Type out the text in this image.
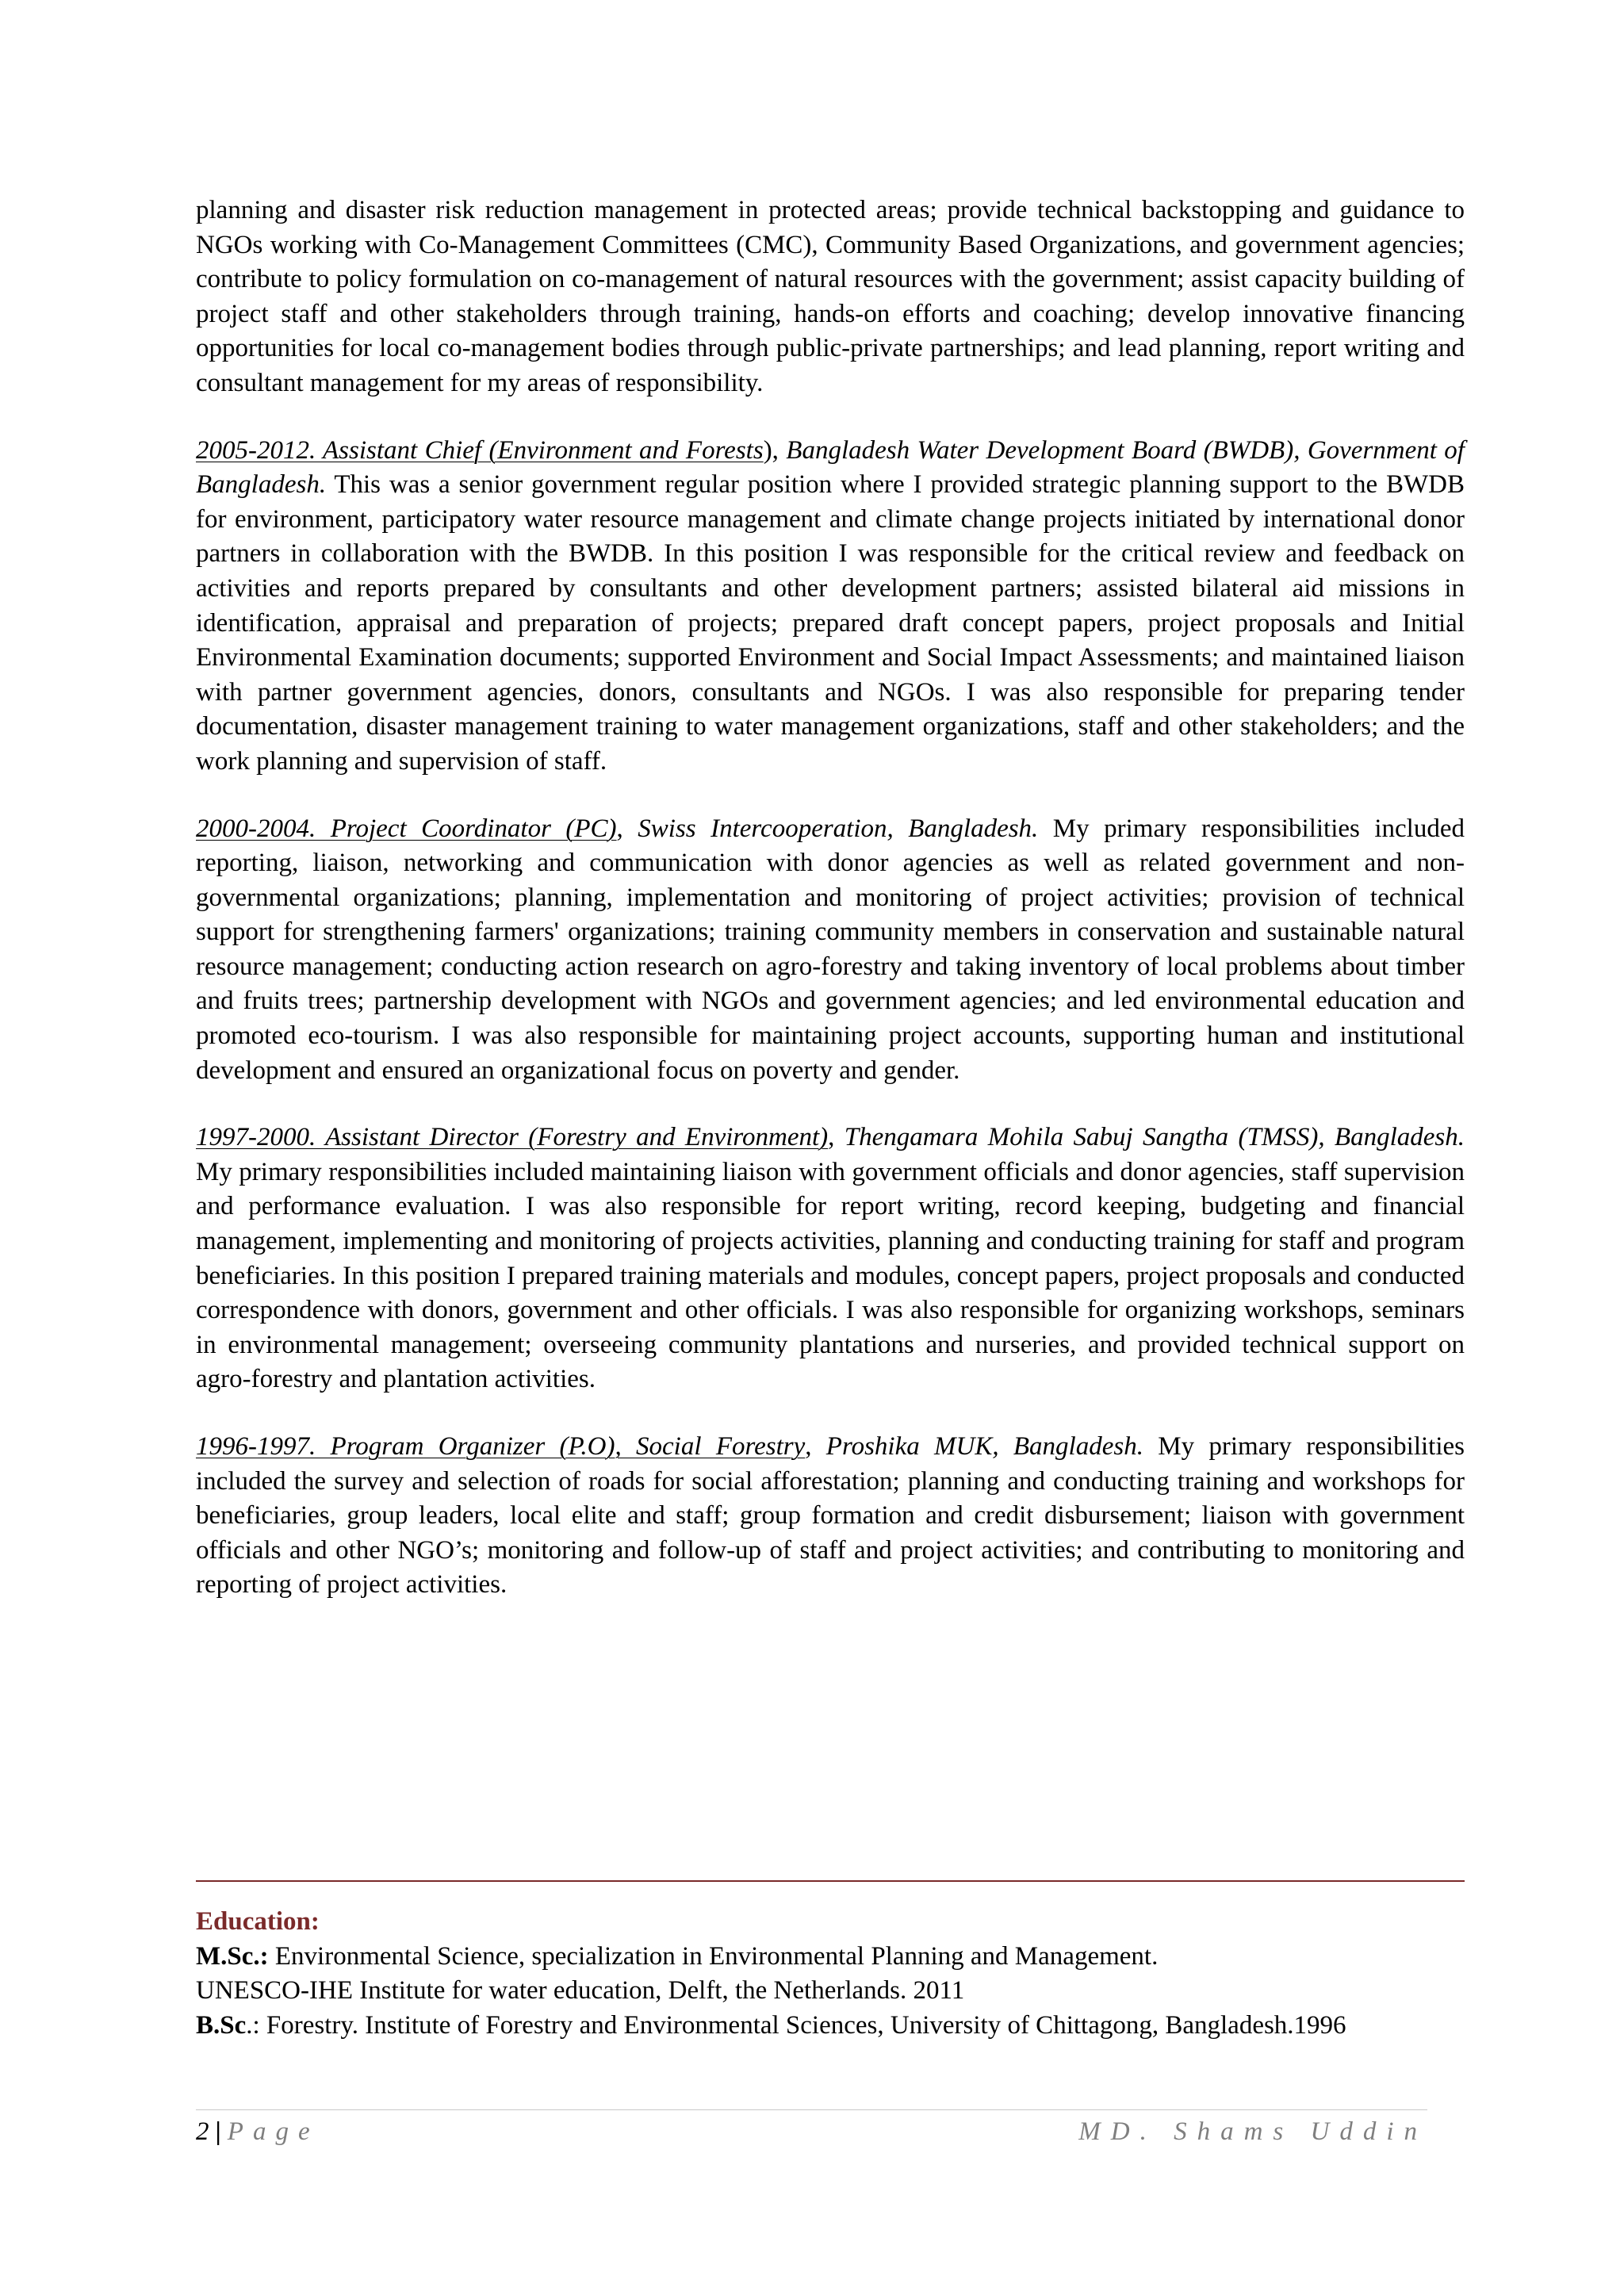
planning and disaster risk reduction management in protected areas; provide technical backstopping and guidance to NGOs working with Co-Management Committees (CMC), Community Based Organizations, and government agencies; contribute to policy formulation on co-management of natural resources with the government; assist capacity building of project staff and other stakeholders through training, hands-on efforts and coaching; develop innovative financing opportunities for local co-management bodies through public-private partnerships; and lead planning, report writing and consultant management for my areas of responsibility.

2005-2012. Assistant Chief (Environment and Forests), Bangladesh Water Development Board (BWDB), Government of Bangladesh. This was a senior government regular position where I provided strategic planning support to the BWDB for environment, participatory water resource management and climate change projects initiated by international donor partners in collaboration with the BWDB. In this position I was responsible for the critical review and feedback on activities and reports prepared by consultants and other development partners; assisted bilateral aid missions in identification, appraisal and preparation of projects; prepared draft concept papers, project proposals and Initial Environmental Examination documents; supported Environment and Social Impact Assessments; and maintained liaison with partner government agencies, donors, consultants and NGOs. I was also responsible for preparing tender documentation, disaster management training to water management organizations, staff and other stakeholders; and the work planning and supervision of staff.

2000-2004. Project Coordinator (PC), Swiss Intercooperation, Bangladesh. My primary responsibilities included reporting, liaison, networking and communication with donor agencies as well as related government and non-governmental organizations; planning, implementation and monitoring of project activities; provision of technical support for strengthening farmers' organizations; training community members in conservation and sustainable natural resource management; conducting action research on agro-forestry and taking inventory of local problems about timber and fruits trees; partnership development with NGOs and government agencies; and led environmental education and promoted eco-tourism. I was also responsible for maintaining project accounts, supporting human and institutional development and ensured an organizational focus on poverty and gender.

1997-2000. Assistant Director (Forestry and Environment), Thengamara Mohila Sabuj Sangtha (TMSS), Bangladesh. My primary responsibilities included maintaining liaison with government officials and donor agencies, staff supervision and performance evaluation. I was also responsible for report writing, record keeping, budgeting and financial management, implementing and monitoring of projects activities, planning and conducting training for staff and program beneficiaries. In this position I prepared training materials and modules, concept papers, project proposals and conducted correspondence with donors, government and other officials. I was also responsible for organizing workshops, seminars in environmental management; overseeing community plantations and nurseries, and provided technical support on agro-forestry and plantation activities.

1996-1997. Program Organizer (P.O), Social Forestry, Proshika MUK, Bangladesh. My primary responsibilities included the survey and selection of roads for social afforestation; planning and conducting training and workshops for beneficiaries, group leaders, local elite and staff; group formation and credit disbursement; liaison with government officials and other NGO’s; monitoring and follow-up of staff and project activities; and contributing to monitoring and reporting of project activities.

Education:

M.Sc.: Environmental Science, specialization in Environmental Planning and Management.

UNESCO-IHE Institute for water education, Delft, the Netherlands. 2011

B.Sc.: Forestry. Institute of Forestry and Environmental Sciences, University of Chittagong, Bangladesh.1996

2 | Page	MD. Shams Uddin
